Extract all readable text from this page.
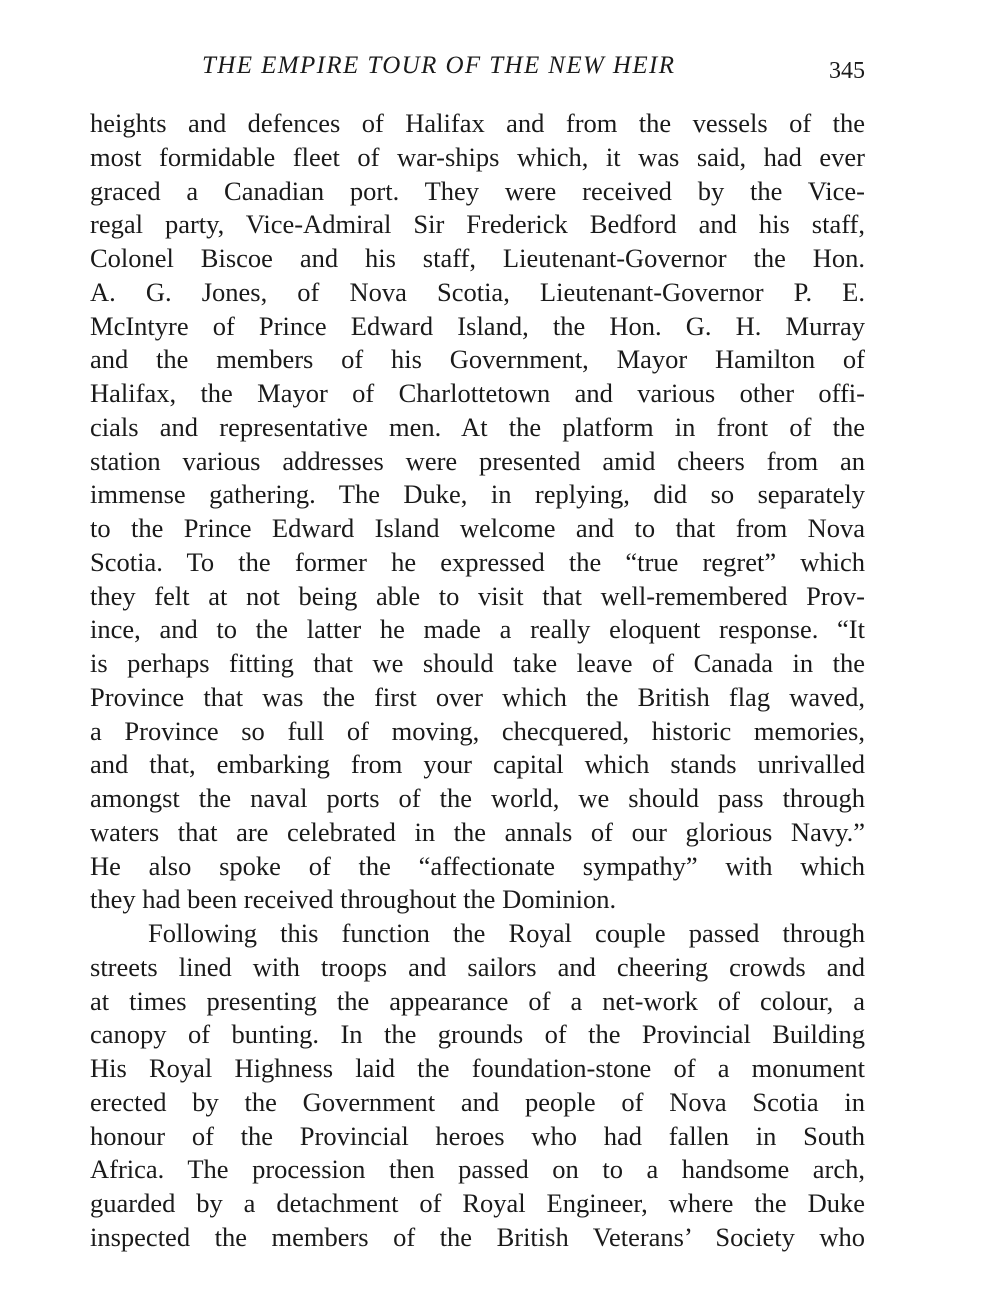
THE EMPIRE TOUR OF THE NEW HEIR	345
heights and defences of Halifax and from the vessels of the
most formidable fleet of war-ships which, it was said, had ever
graced a Canadian port. They were received by the Vice-
regal party, Vice-Admiral Sir Frederick Bedford and his staff,
Colonel Biscoe and his staff, Lieutenant-Governor the Hon.
A. G. Jones, of Nova Scotia, Lieutenant-Governor P. E.
McIntyre of Prince Edward Island, the Hon. G. H. Murray
and the members of his Government, Mayor Hamilton of
Halifax, the Mayor of Charlottetown and various other offi-
cials and representative men. At the platform in front of the
station various addresses were presented amid cheers from an
immense gathering. The Duke, in replying, did so separately
to the Prince Edward Island welcome and to that from Nova
Scotia. To the former he expressed the “true regret” which
they felt at not being able to visit that well-remembered Prov-
ince, and to the latter he made a really eloquent response. “It
is perhaps fitting that we should take leave of Canada in the
Province that was the first over which the British flag waved,
a Province so full of moving, checquered, historic memories,
and that, embarking from your capital which stands unrivalled
amongst the naval ports of the world, we should pass through
waters that are celebrated in the annals of our glorious Navy.”
He also spoke of the “affectionate sympathy” with which
they had been received throughout the Dominion.
Following this function the Royal couple passed through
streets lined with troops and sailors and cheering crowds and
at times presenting the appearance of a net-work of colour, a
canopy of bunting. In the grounds of the Provincial Building
His Royal Highness laid the foundation-stone of a monument
erected by the Government and people of Nova Scotia in
honour of the Provincial heroes who had fallen in South
Africa. The procession then passed on to a handsome arch,
guarded by a detachment of Royal Engineer, where the Duke
inspected the members of the British Veterans’ Society who
